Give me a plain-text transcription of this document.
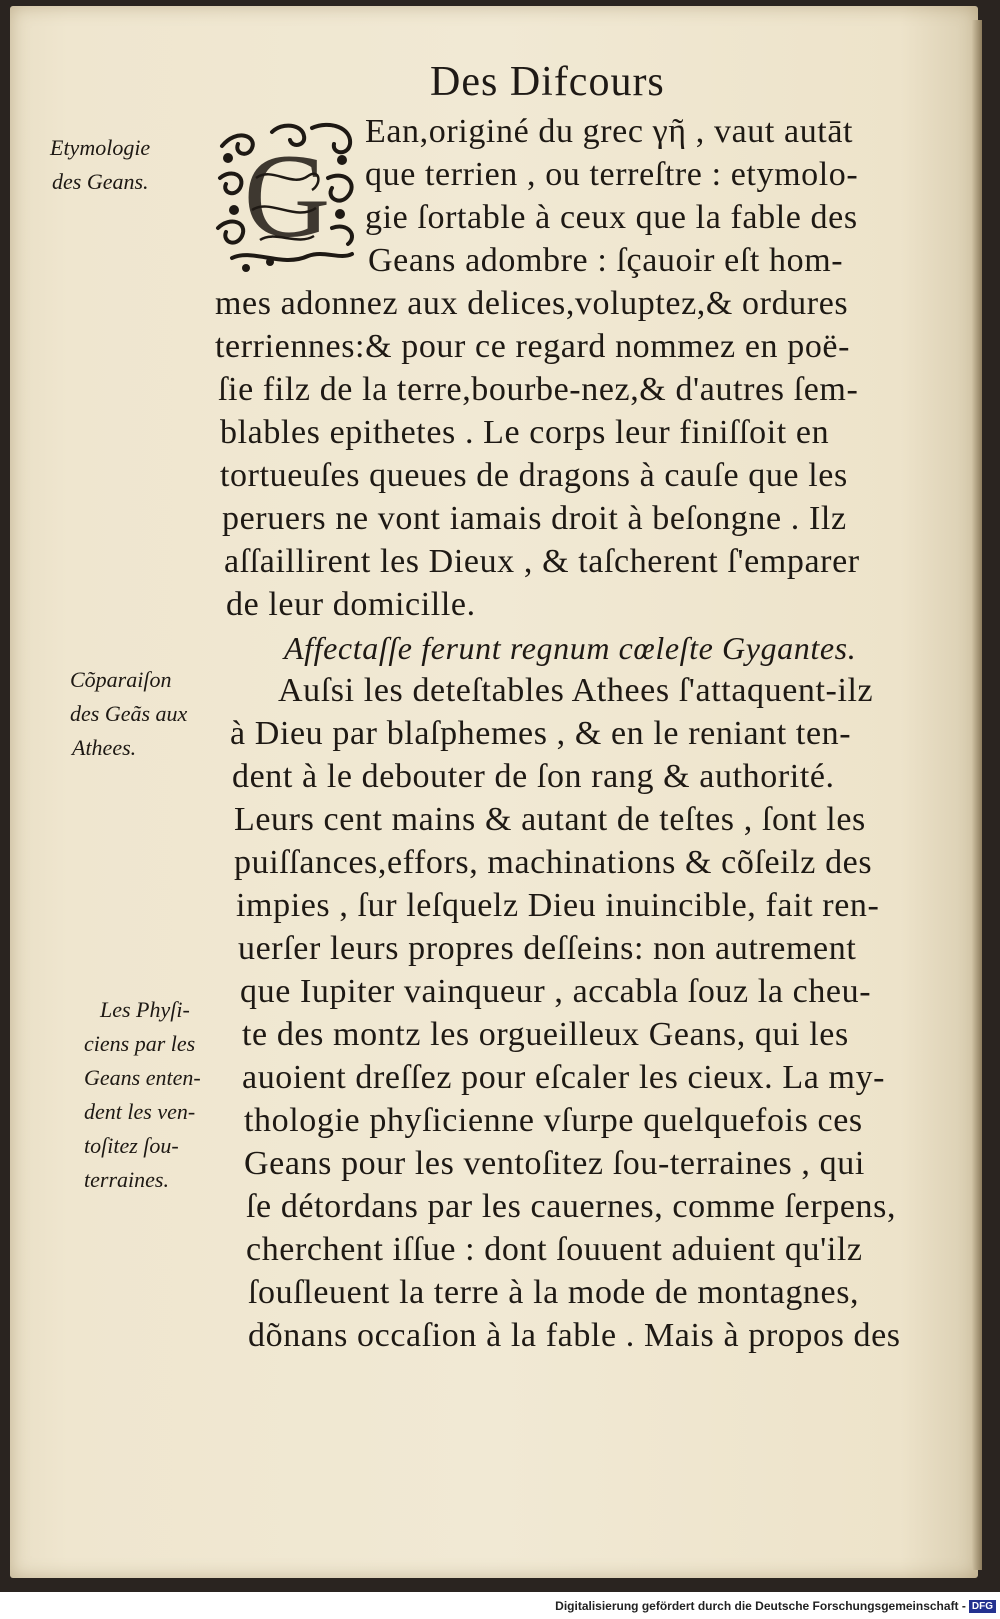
Des Difcours
G Ean,originé du grec γῆ , vaut autāt
que terrien , ou terreſtre : etymolo-
gie ſortable à ceux que la fable des
Geans adombre : ſçauoir eſt hom-
mes adonnez aux delices,voluptez,& ordures
terriennes:& pour ce regard nommez en poë-
ſie filz de la terre,bourbe-nez,& d'autres ſem-
blables epithetes . Le corps leur finiſſoit en
tortueuſes queues de dragons à cauſe que les
peruers ne vont iamais droit à beſongne . Ilz
aſſaillirent les Dieux , & taſcherent ſ'emparer
de leur domicille.
Affectaſſe ferunt regnum cœleſte Gygantes.
Auſsi les deteſtables Athees ſ'attaquent-ilz
à Dieu par blaſphemes , & en le reniant ten-
dent à le debouter de ſon rang & authorité.
Leurs cent mains & autant de teſtes , ſont les
puiſſances,effors, machinations & cõſeilz des
impies , ſur leſquelz Dieu inuincible, fait ren-
uerſer leurs propres deſſeins: non autrement
que Iupiter vainqueur , accabla ſouz la cheu-
te des montz les orgueilleux Geans, qui les
auoient dreſſez pour eſcaler les cieux. La my-
thologie phyſicienne vſurpe quelquefois ces
Geans pour les ventoſitez ſou-terraines , qui
ſe détordans par les cauernes, comme ſerpens,
cherchent iſſue : dont ſouuent aduient qu'ilz
ſouſleuent la terre à la mode de montagnes,
dõnans occaſion à la fable . Mais à propos des
Etymologie
des Geans.
Cõparaiſon
des Geãs aux
Athees.
Les Phyſi-
ciens par les
Geans enten-
dent les ven-
toſitez ſou-
terraines.
Digitalisierung gefördert durch die Deutsche Forschungsgemeinschaft - DFG
